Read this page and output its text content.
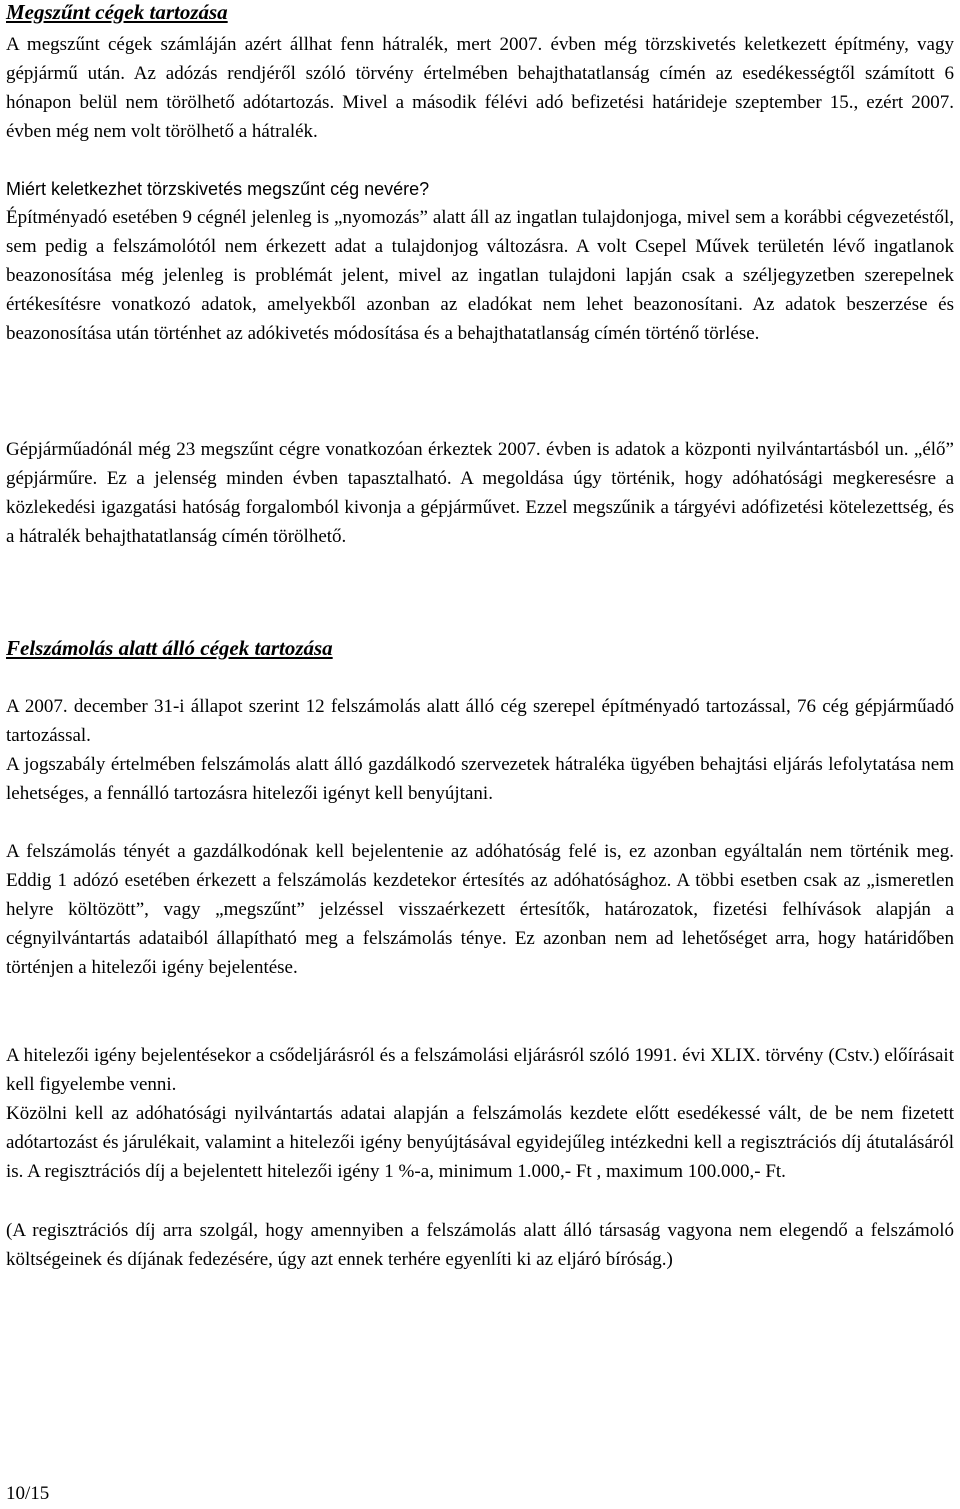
Megszűnt cégek tartozása

A megszűnt cégek számláján azért állhat fenn hátralék, mert 2007. évben még törzskivetés keletkezett építmény, vagy gépjármű után. Az adózás rendjéről szóló törvény értelmében behajthatatlanság címén az esedékességtől számított 6 hónapon belül nem törölhető adótartozás. Mivel a második félévi adó befizetési határideje szeptember 15., ezért 2007. évben még nem volt törölhető a hátralék.

Miért keletkezhet törzskivetés megszűnt cég nevére?

Építményadó esetében 9 cégnél jelenleg is „nyomozás” alatt áll az ingatlan tulajdonjoga, mivel sem a korábbi cégvezetéstől, sem pedig a felszámolótól nem érkezett adat a tulajdonjog változásra. A volt Csepel Művek területén lévő ingatlanok beazonosítása még jelenleg is problémát jelent, mivel az ingatlan tulajdoni lapján csak a széljegyzetben szerepelnek értékesítésre vonatkozó adatok, amelyekből azonban az eladókat nem lehet beazonosítani. Az adatok beszerzése és beazonosítása után történhet az adókivetés módosítása és a behajthatatlanság címén történő törlése.

Gépjárműadónál még 23 megszűnt cégre vonatkozóan érkeztek 2007. évben is adatok a központi nyilvántartásból un. „élő” gépjárműre. Ez a jelenség minden évben tapasztalható. A megoldása úgy történik, hogy adóhatósági megkeresésre a közlekedési igazgatási hatóság forgalomból kivonja a gépjárművet. Ezzel megszűnik a tárgyévi adófizetési kötelezettség, és a hátralék behajthatatlanság címén törölhető.

Felszámolás alatt álló cégek tartozása

A 2007. december 31-i állapot szerint 12 felszámolás alatt álló cég szerepel építményadó tartozással, 76 cég gépjárműadó tartozással.

A jogszabály értelmében felszámolás alatt álló gazdálkodó szervezetek hátraléka ügyében behajtási eljárás lefolytatása nem lehetséges, a fennálló tartozásra hitelezői igényt kell benyújtani.

A felszámolás tényét a gazdálkodónak kell bejelentenie az adóhatóság felé is, ez azonban egyáltalán nem történik meg. Eddig 1 adózó esetében érkezett a felszámolás kezdetekor értesítés az adóhatósághoz. A többi esetben csak az „ismeretlen helyre költözött”, vagy „megszűnt” jelzéssel visszaérkezett értesítők, határozatok, fizetési felhívások alapján a cégnyilvántartás adataiból állapítható meg a felszámolás ténye. Ez azonban nem ad lehetőséget arra, hogy határidőben történjen a hitelezői igény bejelentése.

A hitelezői igény bejelentésekor a csődeljárásról és a felszámolási eljárásról szóló 1991. évi XLIX. törvény (Cstv.) előírásait kell figyelembe venni.

Közölni kell az adóhatósági nyilvántartás adatai alapján a felszámolás kezdete előtt esedékessé vált, de be nem fizetett adótartozást és járulékait, valamint a hitelezői igény benyújtásával egyidejűleg intézkedni kell a regisztrációs díj átutalásáról is. A regisztrációs díj a bejelentett hitelezői igény 1 %-a, minimum 1.000,- Ft , maximum 100.000,- Ft.

(A regisztrációs díj arra szolgál, hogy amennyiben a felszámolás alatt álló társaság vagyona nem elegendő a felszámoló költségeinek és díjának fedezésére, úgy azt ennek terhére egyenlíti ki az eljáró bíróság.)

10/15
